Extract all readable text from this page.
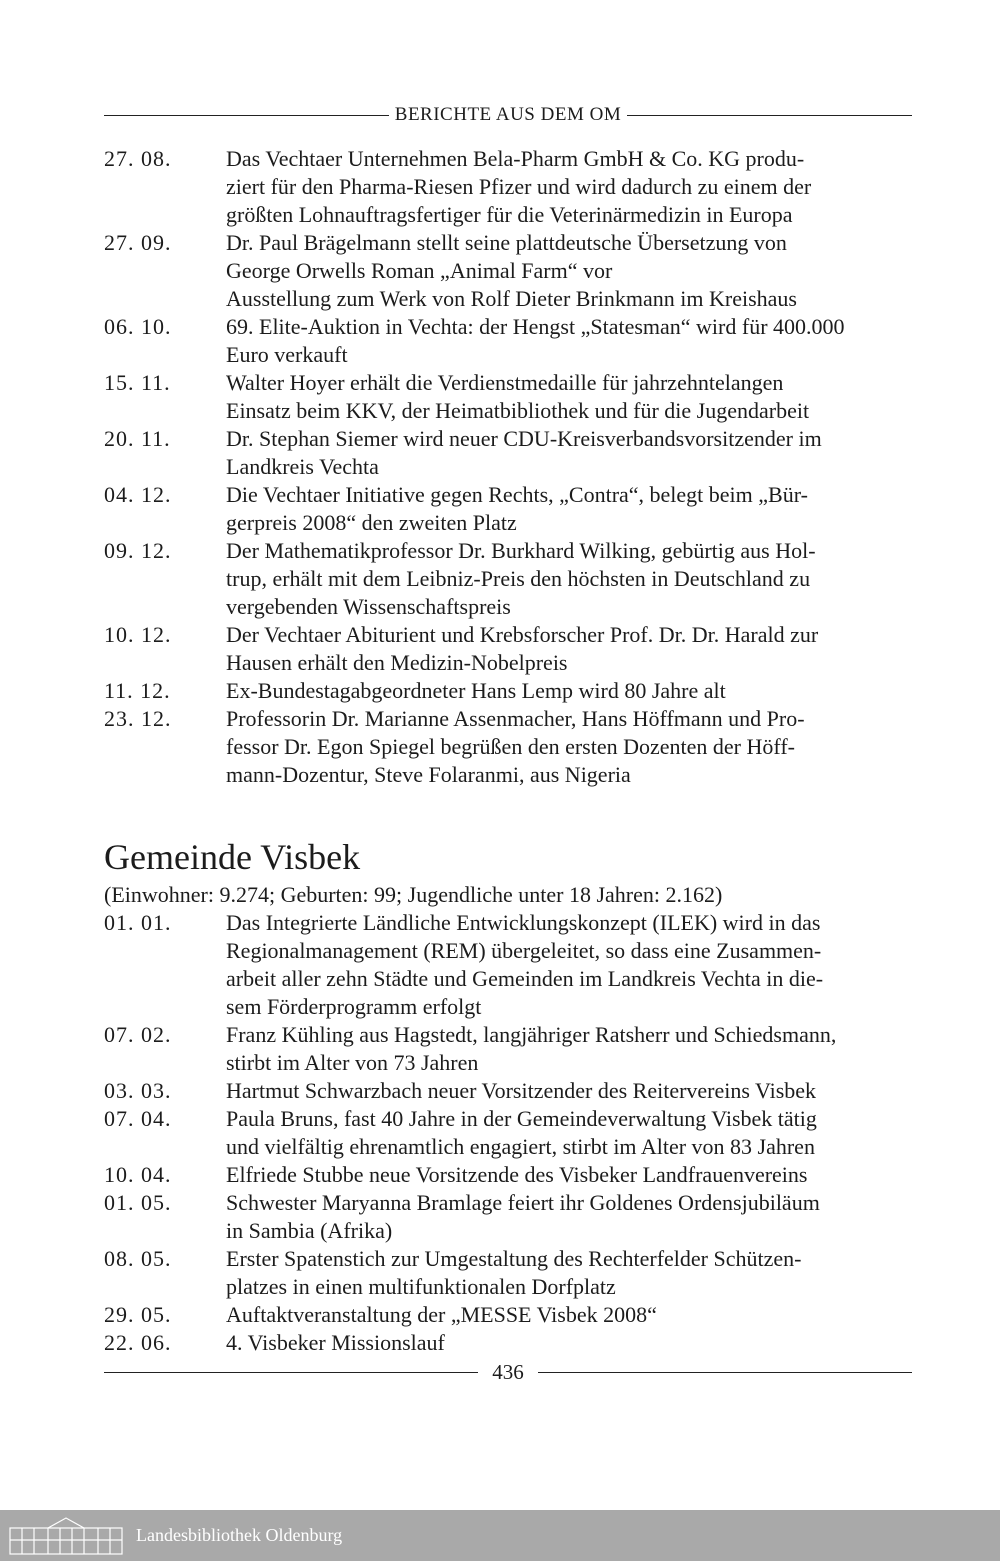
BERICHTE AUS DEM OM
27. 08.	Das Vechtaer Unternehmen Bela-Pharm GmbH & Co. KG produ-
ziert für den Pharma-Riesen Pfizer und wird dadurch zu einem der
größten Lohnauftragsfertiger für die Veterinärmedizin in Europa
27. 09.	Dr. Paul Brägelmann stellt seine plattdeutsche Übersetzung von
George Orwells Roman „Animal Farm“ vor
Ausstellung zum Werk von Rolf Dieter Brinkmann im Kreishaus
06. 10.	69. Elite-Auktion in Vechta: der Hengst „Statesman“ wird für 400.000
Euro verkauft
15. 11.	Walter Hoyer erhält die Verdienstmedaille für jahrzehntelangen
Einsatz beim KKV, der Heimatbibliothek und für die Jugendarbeit
20. 11.	Dr. Stephan Siemer wird neuer CDU-Kreisverbandsvorsitzender im
Landkreis Vechta
04. 12.	Die Vechtaer Initiative gegen Rechts, „Contra“, belegt beim „Bür-
gerpreis 2008“ den zweiten Platz
09. 12.	Der Mathematikprofessor Dr. Burkhard Wilking, gebürtig aus Hol-
trup, erhält mit dem Leibniz-Preis den höchsten in Deutschland zu
vergebenden Wissenschaftspreis
10. 12.	Der Vechtaer Abiturient und Krebsforscher Prof. Dr. Dr. Harald zur
Hausen erhält den Medizin-Nobelpreis
11. 12.	Ex-Bundestagabgeordneter Hans Lemp wird 80 Jahre alt
23. 12.	Professorin Dr. Marianne Assenmacher, Hans Höffmann und Pro-
fessor Dr. Egon Spiegel begrüßen den ersten Dozenten der Höff-
mann-Dozentur, Steve Folaranmi, aus Nigeria
Gemeinde Visbek
(Einwohner: 9.274; Geburten: 99; Jugendliche unter 18 Jahren: 2.162)
01. 01.	Das Integrierte Ländliche Entwicklungskonzept (ILEK) wird in das
Regionalmanagement (REM) übergeleitet, so dass eine Zusammen-
arbeit aller zehn Städte und Gemeinden im Landkreis Vechta in die-
sem Förderprogramm erfolgt
07. 02.	Franz Kühling aus Hagstedt, langjähriger Ratsherr und Schiedsmann,
stirbt im Alter von 73 Jahren
03. 03.	Hartmut Schwarzbach neuer Vorsitzender des Reitervereins Visbek
07. 04.	Paula Bruns, fast 40 Jahre in der Gemeindeverwaltung Visbek tätig
und vielfältig ehrenamtlich engagiert, stirbt im Alter von 83 Jahren
10. 04.	Elfriede Stubbe neue Vorsitzende des Visbeker Landfrauenvereins
01. 05.	Schwester Maryanna Bramlage feiert ihr Goldenes Ordensjubiläum
in Sambia (Afrika)
08. 05.	Erster Spatenstich zur Umgestaltung des Rechterfelder Schützen-
platzes in einen multifunktionalen Dorfplatz
29. 05.	Auftaktveranstaltung der „MESSE Visbek 2008“
22. 06.	4. Visbeker Missionslauf
436
Landesbibliothek Oldenburg
